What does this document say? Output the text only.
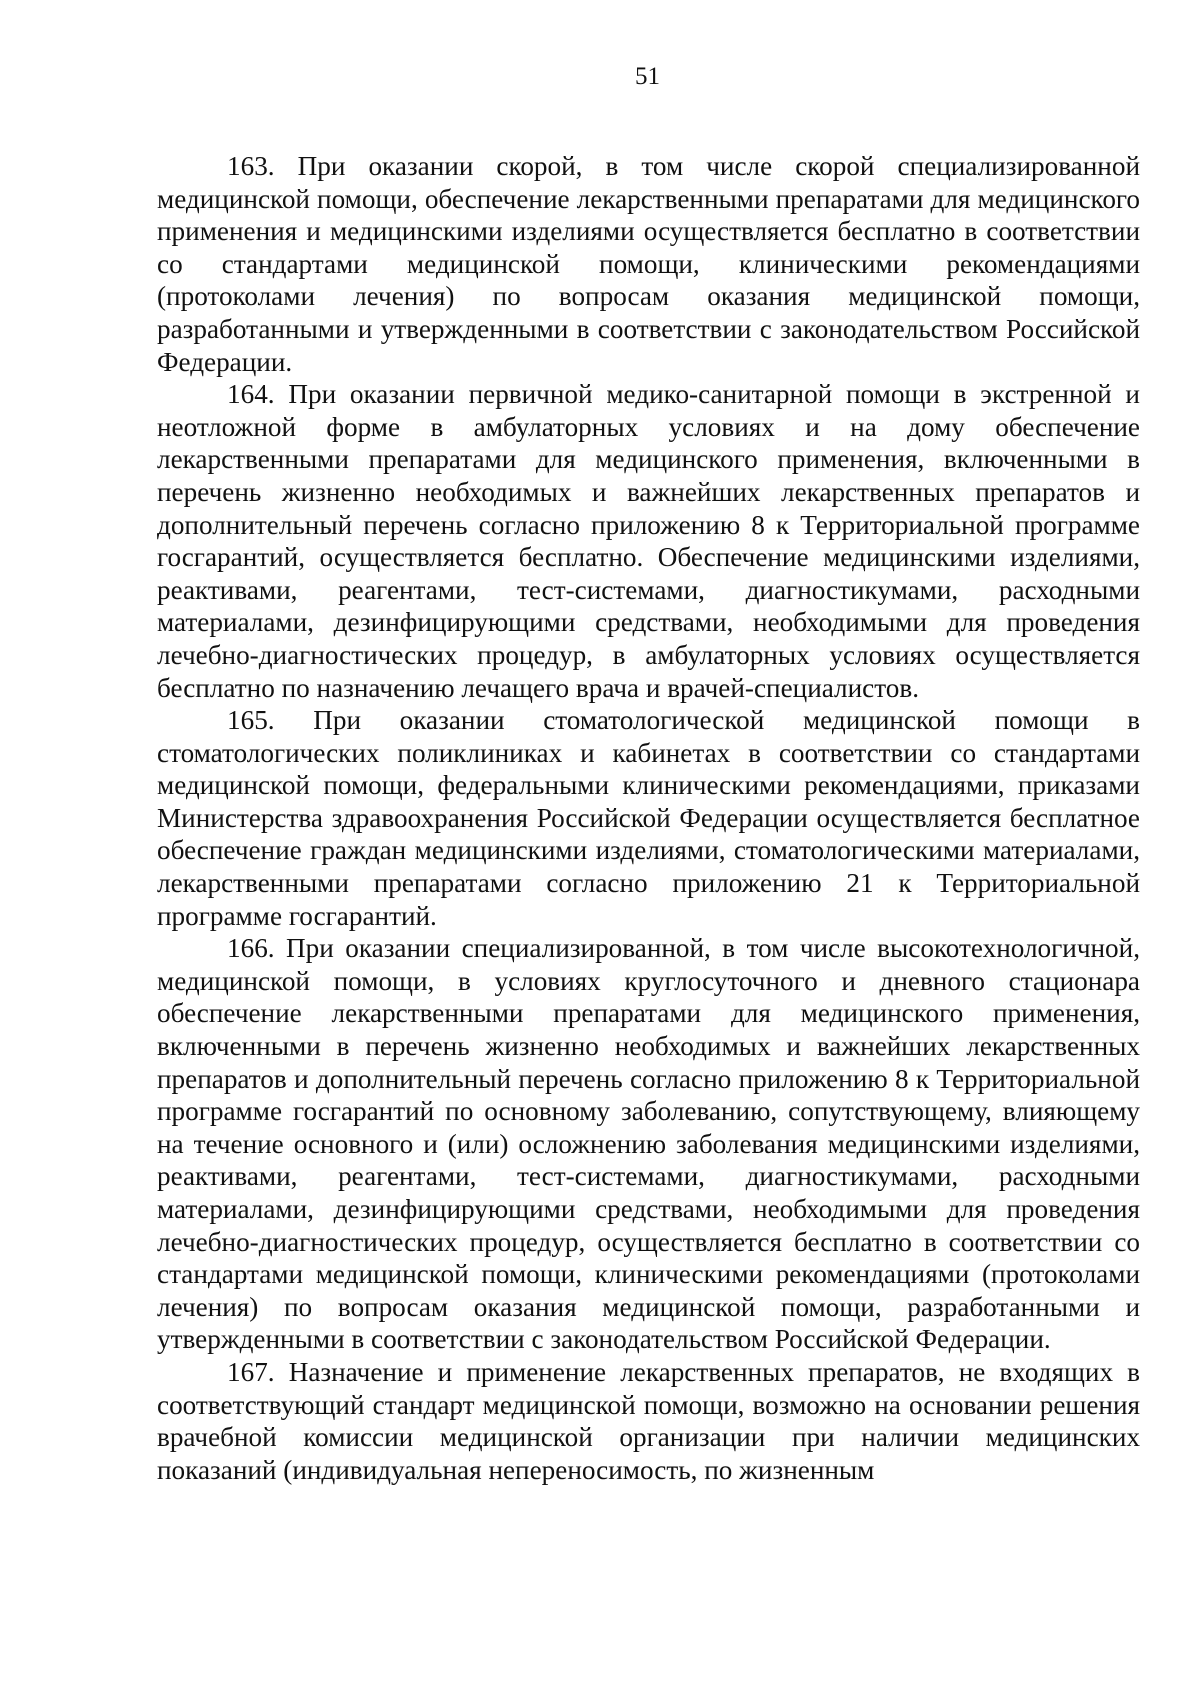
51

163. При оказании скорой, в том числе скорой специализированной медицинской помощи, обеспечение лекарственными препаратами для медицинского применения и медицинскими изделиями осуществляется бесплатно в соответствии со стандартами медицинской помощи, клиническими рекомендациями (протоколами лечения) по вопросам оказания медицинской помощи, разработанными и утвержденными в соответствии с законодательством Российской Федерации.

164. При оказании первичной медико-санитарной помощи в экстренной и неотложной форме в амбулаторных условиях и на дому обеспечение лекарственными препаратами для медицинского применения, включенными в перечень жизненно необходимых и важнейших лекарственных препаратов и дополнительный перечень согласно приложению 8 к Территориальной программе госгарантий, осуществляется бесплатно. Обеспечение медицинскими изделиями, реактивами, реагентами, тест-системами, диагностикумами, расходными материалами, дезинфицирующими средствами, необходимыми для проведения лечебно-диагностических процедур, в амбулаторных условиях осуществляется бесплатно по назначению лечащего врача и врачей-специалистов.

165. При оказании стоматологической медицинской помощи в стоматологических поликлиниках и кабинетах в соответствии со стандартами медицинской помощи, федеральными клиническими рекомендациями, приказами Министерства здравоохранения Российской Федерации осуществляется бесплатное обеспечение граждан медицинскими изделиями, стоматологическими материалами, лекарственными препаратами согласно приложению 21 к Территориальной программе госгарантий.

166. При оказании специализированной, в том числе высокотехнологичной, медицинской помощи, в условиях круглосуточного и дневного стационара обеспечение лекарственными препаратами для медицинского применения, включенными в перечень жизненно необходимых и важнейших лекарственных препаратов и дополнительный перечень согласно приложению 8 к Территориальной программе госгарантий по основному заболеванию, сопутствующему, влияющему на течение основного и (или) осложнению заболевания медицинскими изделиями, реактивами, реагентами, тест-системами, диагностикумами, расходными материалами, дезинфицирующими средствами, необходимыми для проведения лечебно-диагностических процедур, осуществляется бесплатно в соответствии со стандартами медицинской помощи, клиническими рекомендациями (протоколами лечения) по вопросам оказания медицинской помощи, разработанными и утвержденными в соответствии с законодательством Российской Федерации.

167. Назначение и применение лекарственных препаратов, не входящих в соответствующий стандарт медицинской помощи, возможно на основании решения врачебной комиссии медицинской организации при наличии медицинских показаний (индивидуальная непереносимость, по жизненным
